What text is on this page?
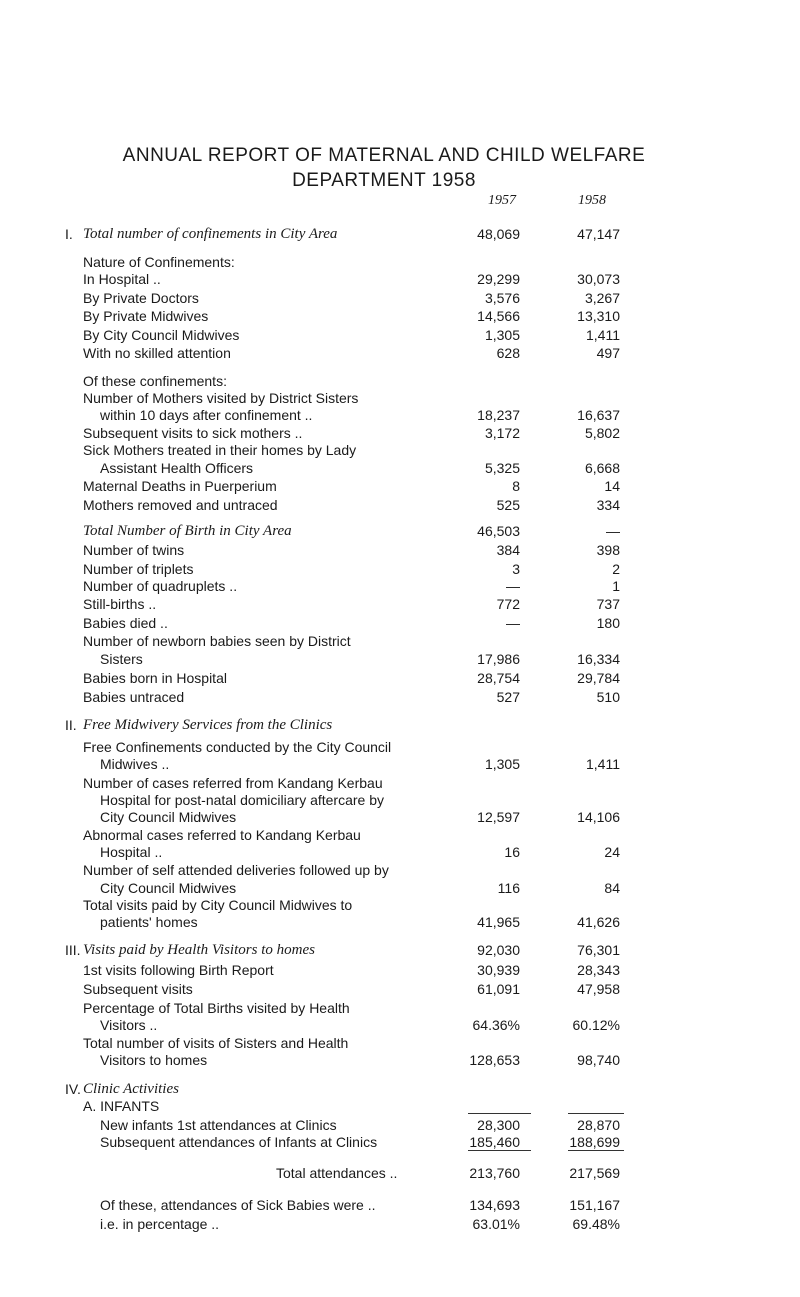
ANNUAL REPORT OF MATERNAL AND CHILD WELFARE
DEPARTMENT 1958
1957	1958
I. Total number of confinements in City Area	48,069	47,147
Nature of Confinements:
In Hospital ..	29,299	30,073
By Private Doctors	3,576	3,267
By Private Midwives	14,566	13,310
By City Council Midwives	1,305	1,411
With no skilled attention	628	497
Of these confinements:
Number of Mothers visited by District Sisters
within 10 days after confinement ..	18,237	16,637
Subsequent visits to sick mothers ..	3,172	5,802
Sick Mothers treated in their homes by Lady
Assistant Health Officers	5,325	6,668
Maternal Deaths in Puerperium	8	14
Mothers removed and untraced	525	334
Total Number of Birth in City Area	46,503	—
Number of twins	384	398
Number of triplets	3	2
Number of quadruplets ..	—	1
Still-births ..	772	737
Babies died ..	—	180
Number of newborn babies seen by District
Sisters	17,986	16,334
Babies born in Hospital	28,754	29,784
Babies untraced	527	510
II. Free Midwivery Services from the Clinics
Free Confinements conducted by the City Council
Midwives ..	1,305	1,411
Number of cases referred from Kandang Kerbau
Hospital for post-natal domiciliary aftercare by
City Council Midwives	12,597	14,106
Abnormal cases referred to Kandang Kerbau
Hospital ..	16	24
Number of self attended deliveries followed up by
City Council Midwives	116	84
Total visits paid by City Council Midwives to
patients' homes	41,965	41,626
III. Visits paid by Health Visitors to homes	92,030	76,301
1st visits following Birth Report	30,939	28,343
Subsequent visits	61,091	47,958
Percentage of Total Births visited by Health
Visitors ..	64.36%	60.12%
Total number of visits of Sisters and Health
Visitors to homes	128,653	98,740
IV. Clinic Activities
A. INFANTS
New infants 1st attendances at Clinics	28,300	28,870
Subsequent attendances of Infants at Clinics	185,460	188,699
Total attendances ..	213,760	217,569
Of these, attendances of Sick Babies were ..	134,693	151,167
i.e. in percentage ..	63.01%	69.48%
